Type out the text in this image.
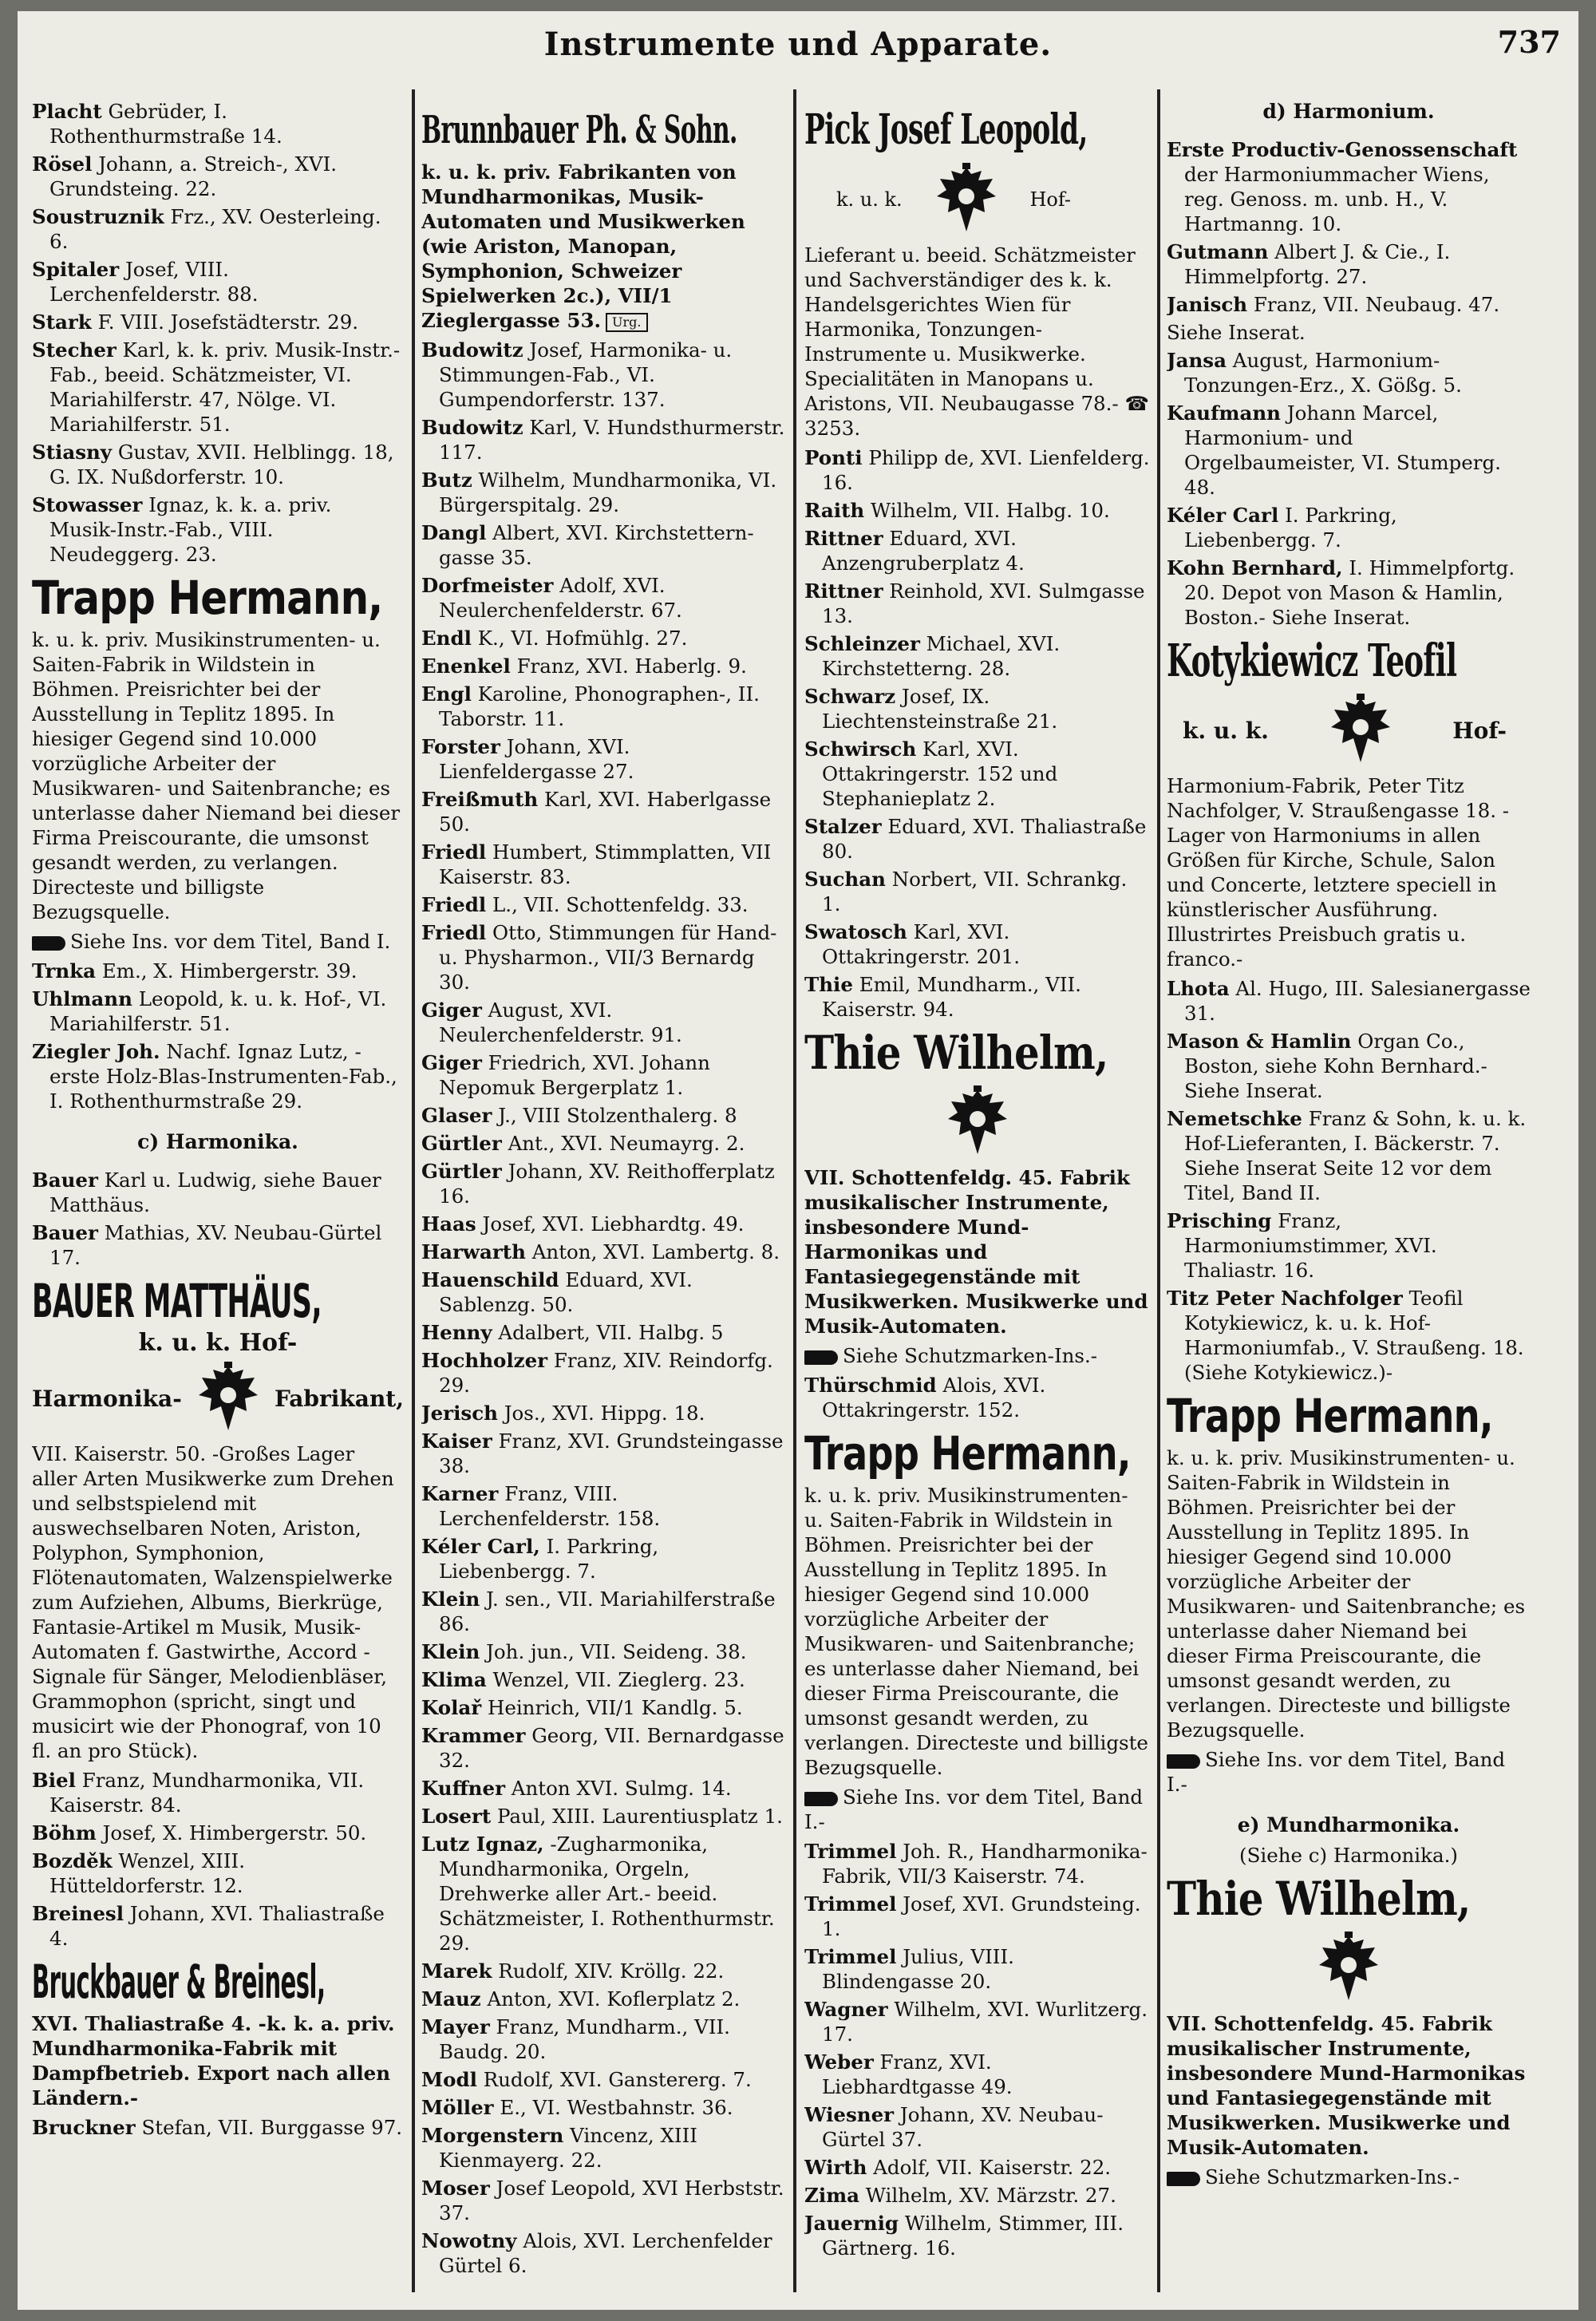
Instrumente und Apparate.	737
Placht Gebrüder, I. Rothenthurmstraße 14.
Rösel Johann, a. Streich-, XVI. Grundsteing. 22.
Soustruznik Frz., XV. Oesterleing. 6.
Spitaler Josef, VIII. Lerchenfelderstr. 88.
Stark F. VIII. Josefstädterstr. 29.
Stecher Karl, k. k. priv. Musik-Instr.-Fab., beeid. Schätzmeister, VI. Mariahilferstr. 47, Nölge. VI. Mariahilferstr. 51.
Stiasny Gustav, XVII. Helblingg. 18, G. IX. Nußdorferstr. 10.
Stowasser Ignaz, k. k. a. priv. Musik-Instr.-Fab., VIII. Neudeggerg. 23.
Trapp Hermann,
k. u. k. priv. Musikinstrumenten- u. Saiten-Fabrik in Wildstein in Böhmen. Preisrichter bei der Ausstellung in Teplitz 1895. In hiesiger Gegend sind 10.000 vorzügliche Arbeiter der Musikwaren- und Saitenbranche; es unterlasse daher Niemand bei dieser Firma Preiscourante, die umsonst gesandt werden, zu verlangen. Directeste und billigste Bezugsquelle.
Siehe Ins. vor dem Titel, Band I.
Trnka Em., X. Himbergerstr. 39.
Uhlmann Leopold, k. u. k. Hof-, VI. Mariahilferstr. 51.
Ziegler Joh. Nachf. Ignaz Lutz, -erste Holz-Blas-Instrumenten-Fab., I. Rothenthurmstraße 29.
c) Harmonika.
Bauer Karl u. Ludwig, siehe Bauer Matthäus.
Bauer Mathias, XV. Neubau-Gürtel 17.
BAUER MATTHÄUS,
k. u. k. Hof-
Harmonika-	Fabrikant,
VII. Kaiserstr. 50. -Großes Lager aller Arten Musikwerke zum Drehen und selbstspielend mit auswechselbaren Noten, Ariston, Polyphon, Symphonion, Flötenautomaten, Walzenspielwerke zum Aufziehen, Albums, Bierkrüge, Fantasie-Artikel m Musik, Musik-Automaten f. Gastwirthe, Accord - Signale für Sänger, Melodienbläser, Grammophon (spricht, singt und musicirt wie der Phonograf, von 10 fl. an pro Stück).
Biel Franz, Mundharmonika, VII. Kaiserstr. 84.
Böhm Josef, X. Himbergerstr. 50.
Bozděk Wenzel, XIII. Hütteldorferstr. 12.
Breinesl Johann, XVI. Thaliastraße 4.
Bruckbauer & Breinesl,
XVI. Thaliastraße 4. -k. k. a. priv. Mundharmonika-Fabrik mit Dampfbetrieb. Export nach allen Ländern.-
Bruckner Stefan, VII. Burggasse 97.
Brunnbauer Ph. & Sohn.
k. u. k. priv. Fabrikanten von Mundharmonikas, Musik-Automaten und Musikwerken (wie Ariston, Manopan, Symphonion, Schweizer Spielwerken 2c.), VII/1 Zieglergasse 53. Urg.
Budowitz Josef, Harmonika- u. Stimmungen-Fab., VI. Gumpendorferstr. 137.
Budowitz Karl, V. Hundsthurmerstr. 117.
Butz Wilhelm, Mundharmonika, VI. Bürgerspitalg. 29.
Dangl Albert, XVI. Kirchstettern-gasse 35.
Dorfmeister Adolf, XVI. Neulerchenfelderstr. 67.
Endl K., VI. Hofmühlg. 27.
Enenkel Franz, XVI. Haberlg. 9.
Engl Karoline, Phonographen-, II. Taborstr. 11.
Forster Johann, XVI. Lienfeldergasse 27.
Freißmuth Karl, XVI. Haberlgasse 50.
Friedl Humbert, Stimmplatten, VII Kaiserstr. 83.
Friedl L., VII. Schottenfeldg. 33.
Friedl Otto, Stimmungen für Hand- u. Physharmon., VII/3 Bernardg 30.
Giger August, XVI. Neulerchenfelderstr. 91.
Giger Friedrich, XVI. Johann Nepomuk Bergerplatz 1.
Glaser J., VIII Stolzenthalerg. 8
Gürtler Ant., XVI. Neumayrg. 2.
Gürtler Johann, XV. Reithofferplatz 16.
Haas Josef, XVI. Liebhardtg. 49.
Harwarth Anton, XVI. Lambertg. 8.
Hauenschild Eduard, XVI. Sablenzg. 50.
Henny Adalbert, VII. Halbg. 5
Hochholzer Franz, XIV. Reindorfg. 29.
Jerisch Jos., XVI. Hippg. 18.
Kaiser Franz, XVI. Grundsteingasse 38.
Karner Franz, VIII. Lerchenfelderstr. 158.
Kéler Carl, I. Parkring, Liebenbergg. 7.
Klein J. sen., VII. Mariahilferstraße 86.
Klein Joh. jun., VII. Seideng. 38.
Klima Wenzel, VII. Zieglerg. 23.
Kolař Heinrich, VII/1 Kandlg. 5.
Krammer Georg, VII. Bernardgasse 32.
Kuffner Anton XVI. Sulmg. 14.
Losert Paul, XIII. Laurentiusplatz 1.
Lutz Ignaz, -Zugharmonika, Mundharmonika, Orgeln, Drehwerke aller Art.- beeid. Schätzmeister, I. Rothenthurmstr. 29.
Marek Rudolf, XIV. Kröllg. 22.
Mauz Anton, XVI. Koflerplatz 2.
Mayer Franz, Mundharm., VII. Baudg. 20.
Modl Rudolf, XVI. Ganstererg. 7.
Möller E., VI. Westbahnstr. 36.
Morgenstern Vincenz, XIII Kienmayerg. 22.
Moser Josef Leopold, XVI Herbststr. 37.
Nowotny Alois, XVI. Lerchenfelder Gürtel 6.
Pick Josef Leopold,
k. u. k.	Hof-
Lieferant u. beeid. Schätzmeister und Sachverständiger des k. k. Handelsgerichtes Wien für Harmonika, Tonzungen-Instrumente u. Musikwerke. Specialitäten in Manopans u. Aristons, VII. Neubaugasse 78.- ☎ 3253.
Ponti Philipp de, XVI. Lienfelderg. 16.
Raith Wilhelm, VII. Halbg. 10.
Rittner Eduard, XVI. Anzengruberplatz 4.
Rittner Reinhold, XVI. Sulmgasse 13.
Schleinzer Michael, XVI. Kirchstetterng. 28.
Schwarz Josef, IX. Liechtensteinstraße 21.
Schwirsch Karl, XVI. Ottakringerstr. 152 und Stephanieplatz 2.
Stalzer Eduard, XVI. Thaliastraße 80.
Suchan Norbert, VII. Schrankg. 1.
Swatosch Karl, XVI. Ottakringerstr. 201.
Thie Emil, Mundharm., VII. Kaiserstr. 94.
Thie Wilhelm,
VII. Schottenfeldg. 45. Fabrik musikalischer Instrumente, insbesondere Mund-Harmonikas und Fantasiegegenstände mit Musikwerken. Musikwerke und Musik-Automaten.
Siehe Schutzmarken-Ins.-
Thürschmid Alois, XVI. Ottakringerstr. 152.
Trapp Hermann,
k. u. k. priv. Musikinstrumenten- u. Saiten-Fabrik in Wildstein in Böhmen. Preisrichter bei der Ausstellung in Teplitz 1895. In hiesiger Gegend sind 10.000 vorzügliche Arbeiter der Musikwaren- und Saitenbranche; es unterlasse daher Niemand, bei dieser Firma Preiscourante, die umsonst gesandt werden, zu verlangen. Directeste und billigste Bezugsquelle.
Siehe Ins. vor dem Titel, Band I.-
Trimmel Joh. R., Handharmonika-Fabrik, VII/3 Kaiserstr. 74.
Trimmel Josef, XVI. Grundsteing. 1.
Trimmel Julius, VIII. Blindengasse 20.
Wagner Wilhelm, XVI. Wurlitzerg. 17.
Weber Franz, XVI. Liebhardtgasse 49.
Wiesner Johann, XV. Neubau-Gürtel 37.
Wirth Adolf, VII. Kaiserstr. 22.
Zima Wilhelm, XV. Märzstr. 27.
Jauernig Wilhelm, Stimmer, III. Gärtnerg. 16.
d) Harmonium.
Erste Productiv-Genossenschaft der Harmoniummacher Wiens, reg. Genoss. m. unb. H., V. Hartmanng. 10.
Gutmann Albert J. & Cie., I. Himmelpfortg. 27.
Janisch Franz, VII. Neubaug. 47.
Siehe Inserat.
Jansa August, Harmonium-Tonzungen-Erz., X. Gößg. 5.
Kaufmann Johann Marcel, Harmonium- und Orgelbaumeister, VI. Stumperg. 48.
Kéler Carl I. Parkring, Liebenbergg. 7.
Kohn Bernhard, I. Himmelpfortg. 20. Depot von Mason & Hamlin, Boston.- Siehe Inserat.
Kotykiewicz Teofil
k. u. k.	Hof-
Harmonium-Fabrik, Peter Titz Nachfolger, V. Straußengasse 18. -Lager von Harmoniums in allen Größen für Kirche, Schule, Salon und Concerte, letztere speciell in künstlerischer Ausführung. Illustrirtes Preisbuch gratis u. franco.-
Lhota Al. Hugo, III. Salesianergasse 31.
Mason & Hamlin Organ Co., Boston, siehe Kohn Bernhard.- Siehe Inserat.
Nemetschke Franz & Sohn, k. u. k. Hof-Lieferanten, I. Bäckerstr. 7. Siehe Inserat Seite 12 vor dem Titel, Band II.
Prisching Franz, Harmoniumstimmer, XVI. Thaliastr. 16.
Titz Peter Nachfolger Teofil Kotykiewicz, k. u. k. Hof-Harmoniumfab., V. Straußeng. 18. (Siehe Kotykiewicz.)-
Trapp Hermann,
k. u. k. priv. Musikinstrumenten- u. Saiten-Fabrik in Wildstein in Böhmen. Preisrichter bei der Ausstellung in Teplitz 1895. In hiesiger Gegend sind 10.000 vorzügliche Arbeiter der Musikwaren- und Saitenbranche; es unterlasse daher Niemand bei dieser Firma Preiscourante, die umsonst gesandt werden, zu verlangen. Directeste und billigste Bezugsquelle.
Siehe Ins. vor dem Titel, Band I.-
e) Mundharmonika.
(Siehe c) Harmonika.)
Thie Wilhelm,
VII. Schottenfeldg. 45. Fabrik musikalischer Instrumente, insbesondere Mund-Harmonikas und Fantasiegegenstände mit Musikwerken. Musikwerke und Musik-Automaten.
Siehe Schutzmarken-Ins.-
